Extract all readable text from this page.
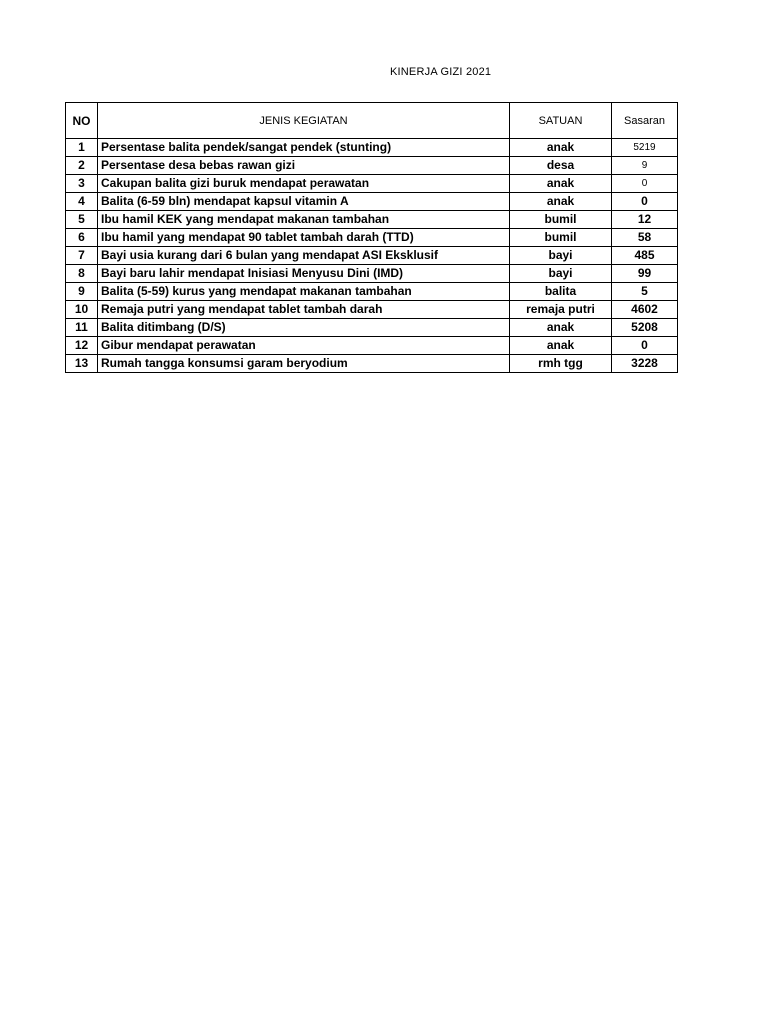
KINERJA GIZI 2021
NO	JENIS KEGIATAN	SATUAN	Sasaran
1	Persentase balita pendek/sangat pendek (stunting)	anak	5219
2	Persentase desa bebas rawan gizi	desa	9
3	Cakupan balita gizi buruk mendapat perawatan	anak	0
4	Balita (6-59 bln) mendapat kapsul vitamin A	anak	0
5	Ibu hamil KEK yang mendapat makanan tambahan	bumil	12
6	Ibu hamil yang mendapat 90 tablet tambah darah (TTD)	bumil	58
7	Bayi usia kurang dari 6 bulan yang mendapat ASI Eksklusif	bayi	485
8	Bayi baru lahir mendapat Inisiasi Menyusu Dini (IMD)	bayi	99
9	Balita (5-59) kurus yang mendapat makanan tambahan	balita	5
10	Remaja putri yang mendapat tablet tambah darah	remaja putri	4602
11	Balita ditimbang (D/S)	anak	5208
12	Gibur mendapat perawatan	anak	0
13	Rumah tangga konsumsi garam beryodium	rmh tgg	3228
